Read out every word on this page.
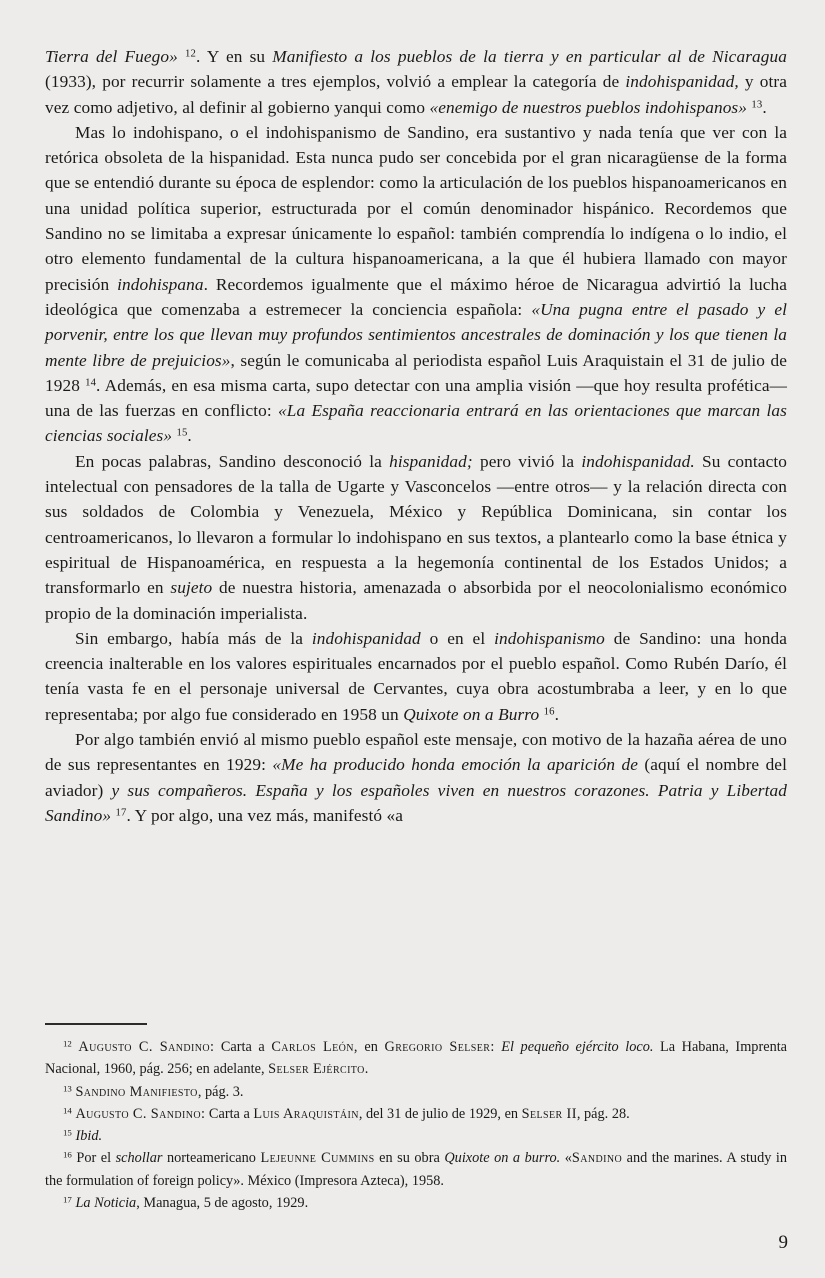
Tierra del Fuego» $^{12}$. Y en su Manifiesto a los pueblos de la tierra y en particular al de Nicaragua (1933), por recurrir solamente a tres ejemplos, volvió a emplear la categoría de indohispanidad, y otra vez como adjetivo, al definir al gobierno yanqui como «enemigo de nuestros pueblos indohispanos» $^{13}$.

Mas lo indohispano, o el indohispanismo de Sandino, era sustantivo y nada tenía que ver con la retórica obsoleta de la hispanidad. Esta nunca pudo ser concebida por el gran nicaragüense de la forma que se entendió durante su época de esplendor: como la articulación de los pueblos hispanoamericanos en una unidad política superior, estructurada por el común denominador hispánico. Recordemos que Sandino no se limitaba a expresar únicamente lo español: también comprendía lo indígena o lo indio, el otro elemento fundamental de la cultura hispanoamericana, a la que él hubiera llamado con mayor precisión indohispana. Recordemos igualmente que el máximo héroe de Nicaragua advirtió la lucha ideológica que comenzaba a estremecer la conciencia española: «Una pugna entre el pasado y el porvenir, entre los que llevan muy profundos sentimientos ancestrales de dominación y los que tienen la mente libre de prejuicios», según le comunicaba al periodista español Luis Araquistain el 31 de julio de 1928 $^{14}$. Además, en esa misma carta, supo detectar con una amplia visión —que hoy resulta profética— una de las fuerzas en conflicto: «La España reaccionaria entrará en las orientaciones que marcan las ciencias sociales» $^{15}$.

En pocas palabras, Sandino desconoció la hispanidad; pero vivió la indohispanidad. Su contacto intelectual con pensadores de la talla de Ugarte y Vasconcelos —entre otros— y la relación directa con sus soldados de Colombia y Venezuela, México y República Dominicana, sin contar los centroamericanos, lo llevaron a formular lo indohispano en sus textos, a plantearlo como la base étnica y espiritual de Hispanoamérica, en respuesta a la hegemonía continental de los Estados Unidos; a transformarlo en sujeto de nuestra historia, amenazada o absorbida por el neocolonialismo económico propio de la dominación imperialista.

Sin embargo, había más de la indohispanidad o en el indohispanismo de Sandino: una honda creencia inalterable en los valores espirituales encarnados por el pueblo español. Como Rubén Darío, él tenía vasta fe en el personaje universal de Cervantes, cuya obra acostumbraba a leer, y en lo que representaba; por algo fue considerado en 1958 un Quixote on a Burro $^{16}$.

Por algo también envió al mismo pueblo español este mensaje, con motivo de la hazaña aérea de uno de sus representantes en 1929: «Me ha producido honda emoción la aparición de (aquí el nombre del aviador) y sus compañeros. España y los españoles viven en nuestros corazones. Patria y Libertad Sandino» $^{17}$. Y por algo, una vez más, manifestó «a

$^{12}$ Augusto C. Sandino: Carta a Carlos León, en Gregorio Selser: El pequeño ejército loco. La Habana, Imprenta Nacional, 1960, pág. 256; en adelante, Selser Ejército.

$^{13}$ Sandino Manifiesto, pág. 3.

$^{14}$ Augusto C. Sandino: Carta a Luis Araquistáin, del 31 de julio de 1929, en Selser II, pág. 28.

$^{15}$ Ibid.

$^{16}$ Por el schollar norteamericano Lejeunne Cummins en su obra Quixote on a burro. «Sandino and the marines. A study in the formulation of foreign policy». México (Impresora Azteca), 1958.

$^{17}$ La Noticia, Managua, 5 de agosto, 1929.

9
